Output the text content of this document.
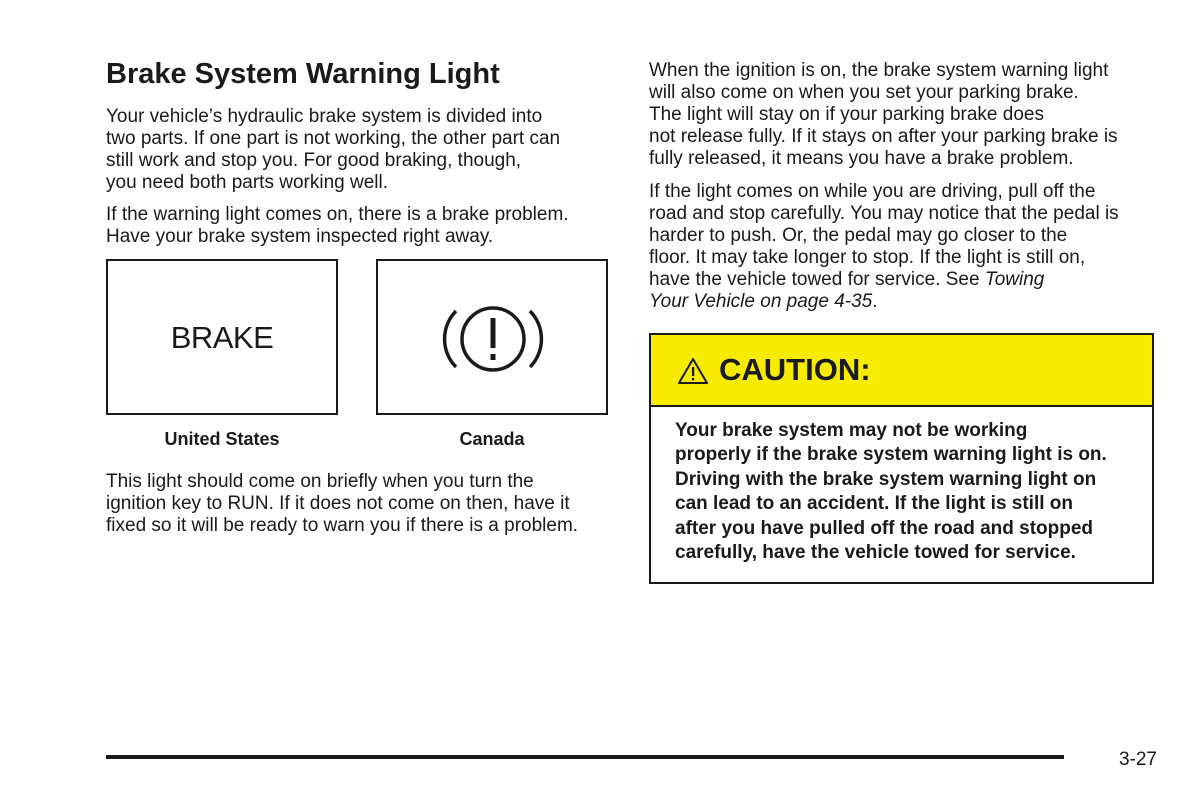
Brake System Warning Light

Your vehicle’s hydraulic brake system is divided into
two parts. If one part is not working, the other part can
still work and stop you. For good braking, though,
you need both parts working well.

If the warning light comes on, there is a brake problem.
Have your brake system inspected right away.

BRAKE
United States	Canada

This light should come on briefly when you turn the
ignition key to RUN. If it does not come on then, have it
fixed so it will be ready to warn you if there is a problem.

When the ignition is on, the brake system warning light
will also come on when you set your parking brake.
The light will stay on if your parking brake does
not release fully. If it stays on after your parking brake is
fully released, it means you have a brake problem.

If the light comes on while you are driving, pull off the
road and stop carefully. You may notice that the pedal is
harder to push. Or, the pedal may go closer to the
floor. It may take longer to stop. If the light is still on,
have the vehicle towed for service. See Towing
Your Vehicle on page 4-35.

CAUTION:

Your brake system may not be working
properly if the brake system warning light is on.
Driving with the brake system warning light on
can lead to an accident. If the light is still on
after you have pulled off the road and stopped
carefully, have the vehicle towed for service.

3-27
